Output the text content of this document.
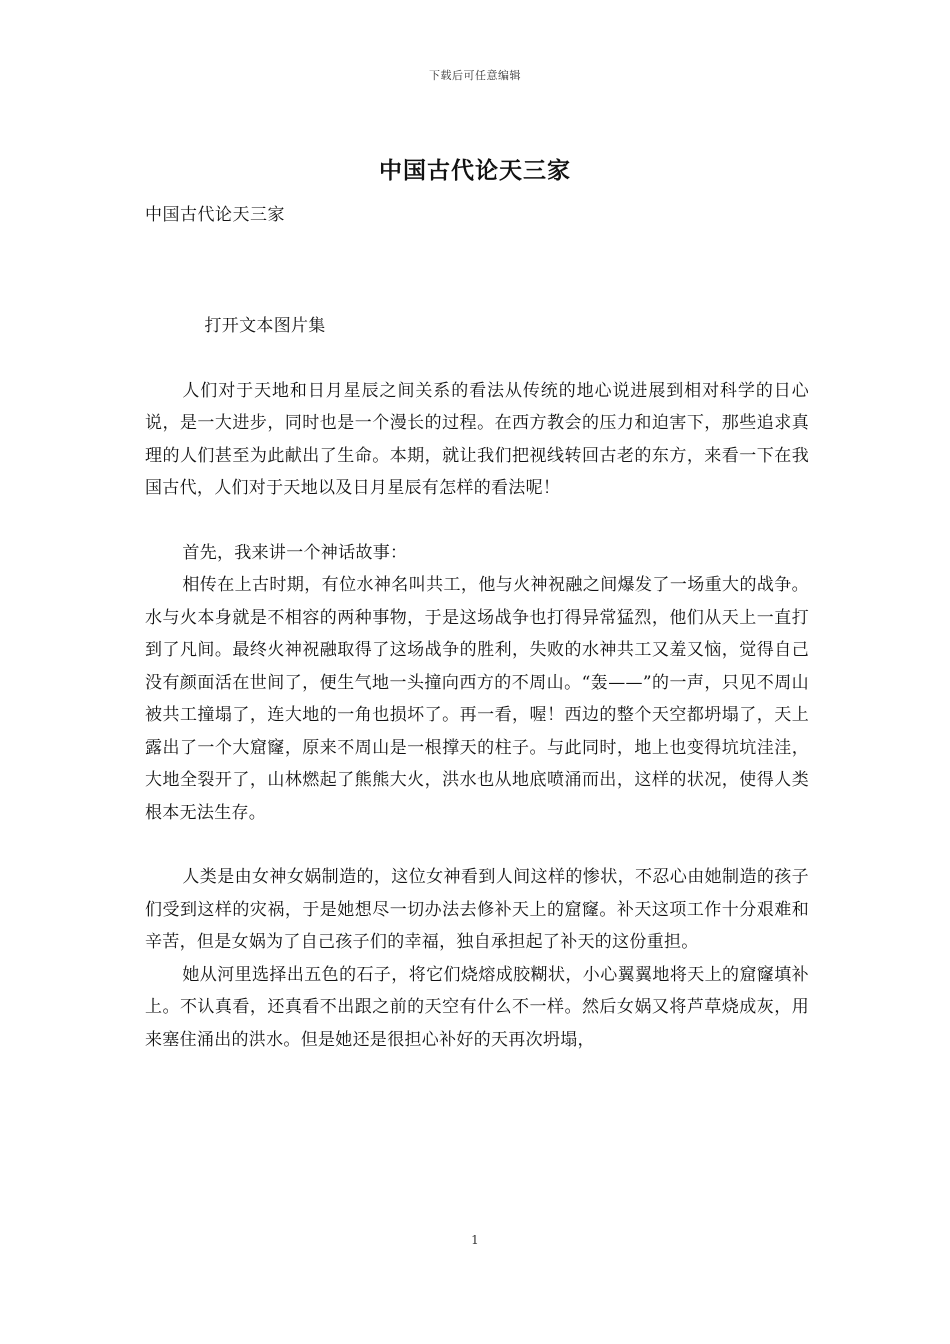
下载后可任意编辑
中国古代论天三家
中国古代论天三家

打开文本图片集

人们对于天地和日月星辰之间关系的看法从传统的地心说进展到相对科学的日心说，是一大进步，同时也是一个漫长的过程。在西方教会的压力和迫害下，那些追求真理的人们甚至为此献出了生命。本期，就让我们把视线转回古老的东方，来看一下在我国古代，人们对于天地以及日月星辰有怎样的看法呢！

首先，我来讲一个神话故事：

相传在上古时期，有位水神名叫共工，他与火神祝融之间爆发了一场重大的战争。水与火本身就是不相容的两种事物，于是这场战争也打得异常猛烈，他们从天上一直打到了凡间。最终火神祝融取得了这场战争的胜利，失败的水神共工又羞又恼，觉得自己没有颜面活在世间了，便生气地一头撞向西方的不周山。“轰——”的一声，只见不周山被共工撞塌了，连大地的一角也损坏了。再一看，喔！西边的整个天空都坍塌了，天上露出了一个大窟窿，原来不周山是一根撑天的柱子。与此同时，地上也变得坑坑洼洼，大地全裂开了，山林燃起了熊熊大火，洪水也从地底喷涌而出，这样的状况，使得人类根本无法生存。

人类是由女神女娲制造的，这位女神看到人间这样的惨状，不忍心由她制造的孩子们受到这样的灾祸，于是她想尽一切办法去修补天上的窟窿。补天这项工作十分艰难和辛苦，但是女娲为了自己孩子们的幸福，独自承担起了补天的这份重担。

她从河里选择出五色的石子，将它们烧熔成胶糊状，小心翼翼地将天上的窟窿填补上。不认真看，还真看不出跟之前的天空有什么不一样。然后女娲又将芦草烧成灰，用来塞住涌出的洪水。但是她还是很担心补好的天再次坍塌，

1
